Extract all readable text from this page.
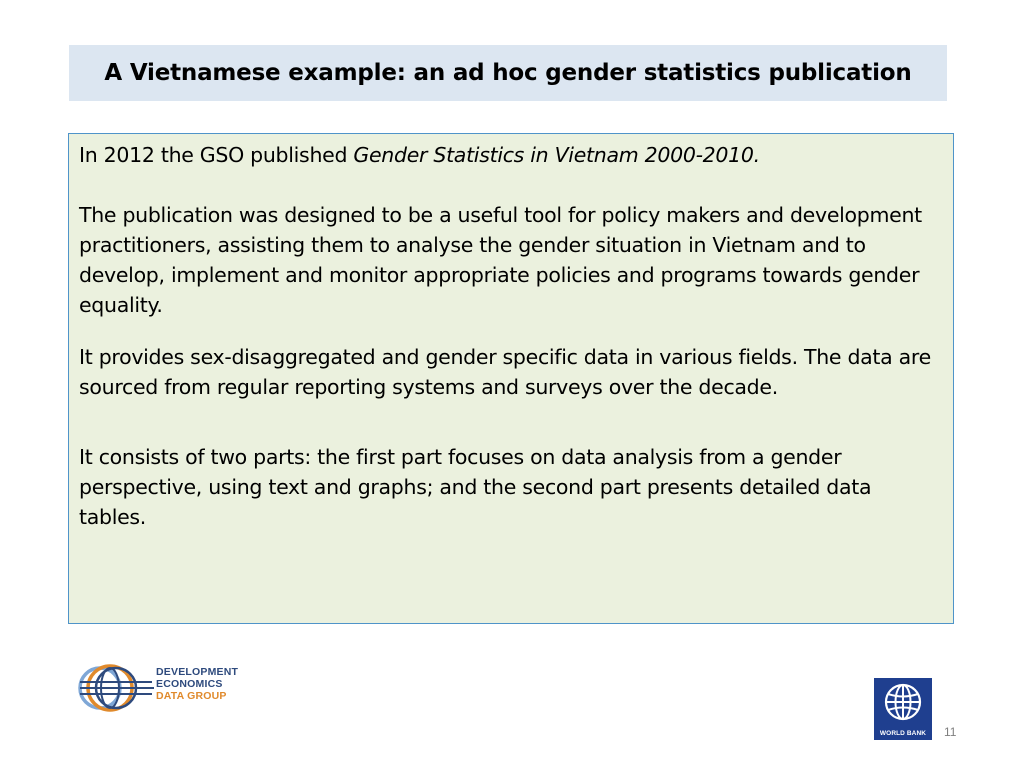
A Vietnamese example: an ad hoc gender statistics publication

In 2012 the GSO published Gender Statistics in Vietnam 2000-2010.

The publication was designed to be a useful tool for policy makers and development practitioners, assisting them to analyse the gender situation in Vietnam and to develop, implement and monitor appropriate policies and programs towards gender equality.

It provides sex-disaggregated and gender specific data in various fields. The data are sourced from regular reporting systems and surveys over the decade.

It consists of two parts: the first part focuses on data analysis from a gender perspective, using text and graphs; and the second part presents detailed data tables.

DEVELOPMENT ECONOMICS
DATA GROUP
WORLD BANK	11
